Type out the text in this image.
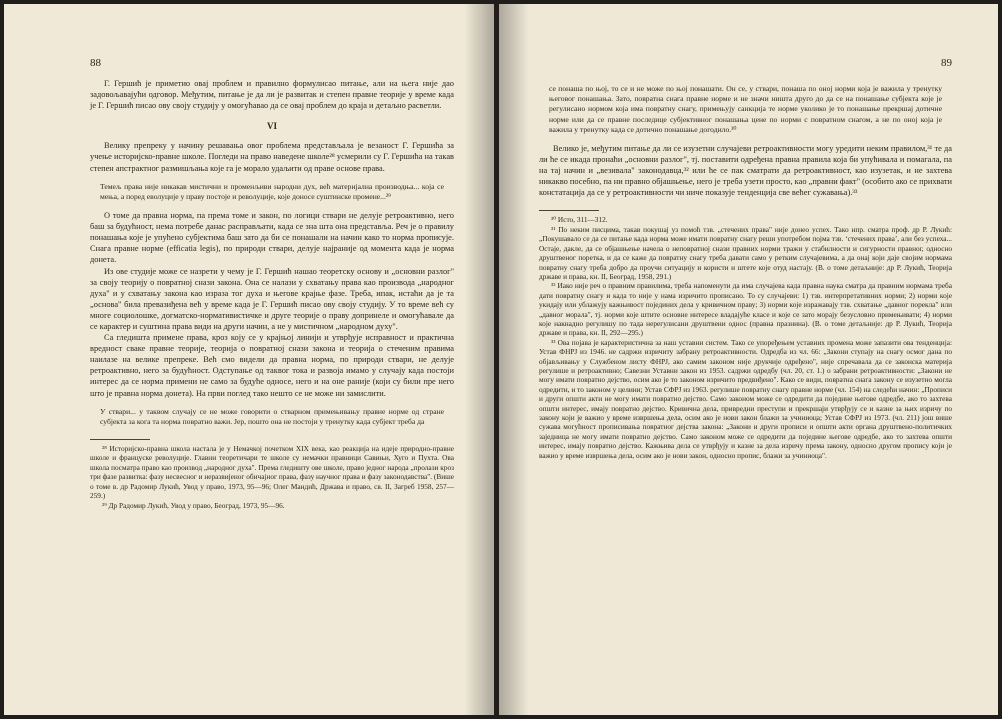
88

Г. Гершић је приметио овај проблем и правилно формулисао питање, али на њега није дао задовољавајући одговор. Међутим, питање је да ли је развитак и степен правне теорије у време када је Г. Гершић писао ову своју студију у омогућавао да се овај проблем до краја и детаљно расветли.

VI

Велику препреку у начину решавања овог проблема представљала је везаност Г. Гершића за учење историјско-правне школе. Погледи на право наведене школе²⁸ усмерили су Г. Гершића на такав степен апстрактног размишљања које га је морало удаљити од праве основе права.

Темељ права није никакав мистични и променљиви народни дух, већ материјална производња... која се мења, а поред еволуције у праву постоје и револуције, које доносе суштинске промене...²⁹

О томе да правна норма, па према томе и закон, по логици ствари не делује ретроактивно, него баш за будућност, нема потребе данас расправљати, када се зна шта она представља. Реч је о правилу понашања које је упућено субјектима баш зато да би се понашали на начин како то норма прописује. Снага правне норме (efficatia legis), по природи ствари, делује најраније од момента када је норма донета.

Из ове студије може се назрети у чему је Г. Гершић нашао теоретску основу и „основни разлог" за своју теорију о повратној снази закона. Она се налази у схватању права као производа „народног духа" и у схватању закона као израза тог духа и његове крајње фазе. Треба, ипак, истаћи да је та „основа" била превазиђена већ у време када је Г. Гершић писао ову своју студију. У то време већ су многе социолошке, догматско-нормативистичке и друге теорије о праву допринеле и омогућавале да се карактер и суштина права види на други начин, а не у мистичном „народном духу".

Са гледишта примене права, кроз коју се у крајњој линији и утврђује исправност и практична вредност сваке правне теорије, теорија о повратној снази закона и теорија о стеченим правима наилазе на велике препреке. Већ смо видели да правна норма, по природи ствари, не делује ретроактивно, него за будућност. Одступање од таквог тока и развоја имамо у случају када постоји интерес да се норма примени не само за будуће односе, него и на оне раније (који су били пре него што је правна норма донета). На први поглед тако нешто се не може ни замислити.

У ствари... у таквом случају се не може говорити о стварном примењивању правне норме од стране субјекта за кога та норма повратно важи. Јер, пошто она не постоји у тренутку када субјект треба да

²⁸ Историјско-правна школа настала је у Немачкој почетком XIX века, као реакција на идеје природно-правне школе и француске револуције. Главни теоретичари те школе су немачки правници Савињи, Хуго и Пухта. Ова школа посматра право као производ „народног духа". Према гледишту ове школе, право једног народа „пролази кроз три фазе развитка: фазу несвесног и неразвијеног обичајног права, фазу научног права и фазу законодавства". (Више о томе в. др Радомир Лукић, Увод у право, 1973, 95—96; Олег Мандић, Држава и право, св. II, Загреб 1958, 257—259.)

²⁹ Др Радомир Лукић, Увод у право, Београд, 1973, 95—96.

89
се понаша по њој, то се и не може по њој понашати. Он се, у ствари, понаша по оној норми која је важила у тренутку његовог понашања. Зато, повратна снага правне норме и не значи ништа друго до да се на понашање субјекта које је регулисано нормом која има повратну снагу, примењују санкција те норме уколико је то понашање прекршај дотичне норме или да се правне последице субјективног понашања цене по норми с повратном снагом, а не по оној која је важила у тренутку када се дотично понашање догодило.³⁰

Велико је, међутим питање да ли се изузетни случајеви ретроактивности могу уредити неким правилом,³¹ те да ли ће се икада пронаћи „основни разлог", тј. поставити одређена правна правила која би упућивала и помагала, па на тај начин и „везивала" законодавца,³² или ће се пак сматрати да ретроактивност, као изузетак, и не захтева никакво посебно, па ни правно објашњење, него је треба узети просто, као „правни факт" (особито ако се прихвати констатација да се у ретроактивности чи ниче показује тенденција све већег сужавања).³³

³⁰ Исто, 311—312.

³¹ По неким писцима, такав покушај уз помоћ тзв. „стечених права" није донео успех. Тако нпр. сматра проф. др Р. Лукић: „Покушавало се да се питање када норма може имати повратну снагу реши употребом појма тзв. ‘стечених права’, али без успеха... Остаје, дакле, да се објашњење начела о неповратној снази правних норми тражи у стабилности и сигурности правног, односно друштвеног поретка, и да се каже да повратну снагу треба давати само у ретким случајевима, а да онај који даје својим нормама повратну снагу треба добро да проучи ситуацију и користи и штете које отуд настају. (В. о томе детаљније: др Р. Лукић, Теорија државе и права, кн. II, Београд, 1958, 291.)

³² Иако није реч о правним правилима, треба напоменути да има случајева када правна наука сматра да правним нормама треба дати повратну снагу и када то није у нама изричито прописано. То су случајеви: 1) тзв. интерпретативних норми; 2) норми које укидају или ублажују кажњивост појединих дела у кривичном праву; 3) норми које изражавају тзв. схватање „давног порекла" или „давног морала", тј. норми које штите основне интересе владајуће класе и које се зато морају безусловно примењивати; 4) норми које накнадно регулишу по тада нерегулисани друштвени однос (правна празнина). (В. о томе детаљније: др Р. Лукић, Теорија државе и права, кн. II, 292—295.)

³³ Ова појава је карактеристична за наш уставни систем. Тако се упоређењем уставних промена може запазити ова тенденција: Устав ФНРЈ из 1946. не садржи изричиту забрану ретроактивности. Одредба из чл. 66: „Закони ступају на снагу осмог дана по објављивању у Службеном листу ФНРЈ, ако самим законом није друкчије одређено", није спречавала да се законска материја регулише и ретроактивно; Савезни Уставни закон из 1953. садржи одредбу (чл. 20, ст. 1.) о забрани ретроактивности: „Закони не могу имати повратно дејство, осим ако је то законом изричито предвиђено". Како се види, повратна снага закону се изузетно могла одредити, и то законом у целини; Устав СФРЈ из 1963. регулише повратну снагу правне норме (чл. 154) на следећи начин: „Прописи и други општи акти не могу имати повратно дејство. Само законом може се одредити да поједине његове одредбе, ако то захтева општи интерес, имају повратно дејство. Кривична дела, привредни преступи и прекршаји утврђују се и казне за њих изричу по закону који је важио у време извршења дела, осим ако је нови закон блажи за учиниоца; Устав СФРЈ из 1973. (чл. 211) још више сужава могућност прописивања повратног дејства закона: „Закони и други прописи и општи акти органа друштвено-политичких заједница не могу имати повратно дејство. Само законом може се одредити да поједине његове одредбе, ако то захтева општи интерес, имају повратно дејство. Кажњива дела се утврђују и казне за дела изричу према закону, односно другом пропису који је важио у време извршења дела, осим ако је нови закон, односно пропис, блажи за учиниоца".
